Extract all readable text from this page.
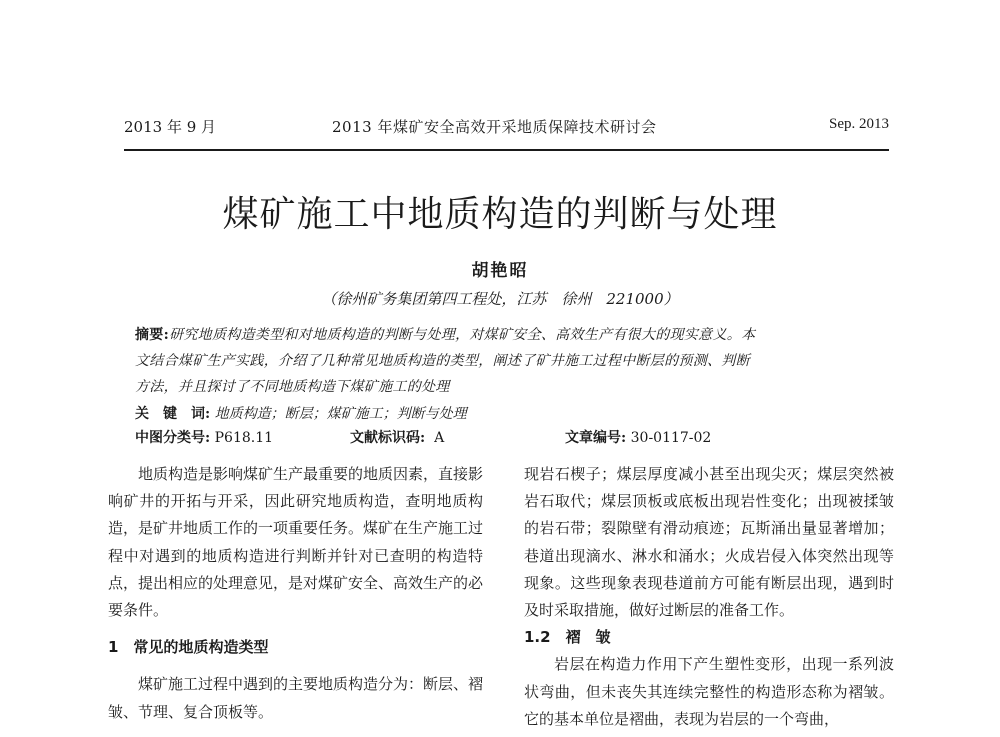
2013 年 9 月	2013 年煤矿安全高效开采地质保障技术研讨会	Sep. 2013
煤矿施工中地质构造的判断与处理
胡艳昭
（徐州矿务集团第四工程处，江苏　徐州　221000）
摘要:研究地质构造类型和对地质构造的判断与处理，对煤矿安全、高效生产有很大的现实意义。本
文结合煤矿生产实践，介绍了几种常见地质构造的类型，阐述了矿井施工过程中断层的预测、判断
方法，并且探讨了不同地质构造下煤矿施工的处理
关　键　词: 地质构造；断层；煤矿施工；判断与处理
中图分类号: P618.11	文献标识码: A	文章编号: 30-0117-02

地质构造是影响煤矿生产最重要的地质因素，直接影响矿井的开拓与开采，因此研究地质构造，查明地质构造，是矿井地质工作的一项重要任务。煤矿在生产施工过程中对遇到的地质构造进行判断并针对已查明的构造特点，提出相应的处理意见，是对煤矿安全、高效生产的必要条件。

1　常见的地质构造类型

煤矿施工过程中遇到的主要地质构造分为：断层、褶皱、节理、复合顶板等。

现岩石楔子；煤层厚度减小甚至出现尖灭；煤层突然被岩石取代；煤层顶板或底板出现岩性变化；出现被揉皱的岩石带；裂隙壁有滑动痕迹；瓦斯涌出量显著增加；巷道出现滴水、淋水和涌水；火成岩侵入体突然出现等现象。这些现象表现巷道前方可能有断层出现，遇到时及时采取措施，做好过断层的准备工作。

1.2　褶　皱

岩层在构造力作用下产生塑性变形，出现一系列波状弯曲，但未丧失其连续完整性的构造形态称为褶皱。它的基本单位是褶曲，表现为岩层的一个弯曲，
